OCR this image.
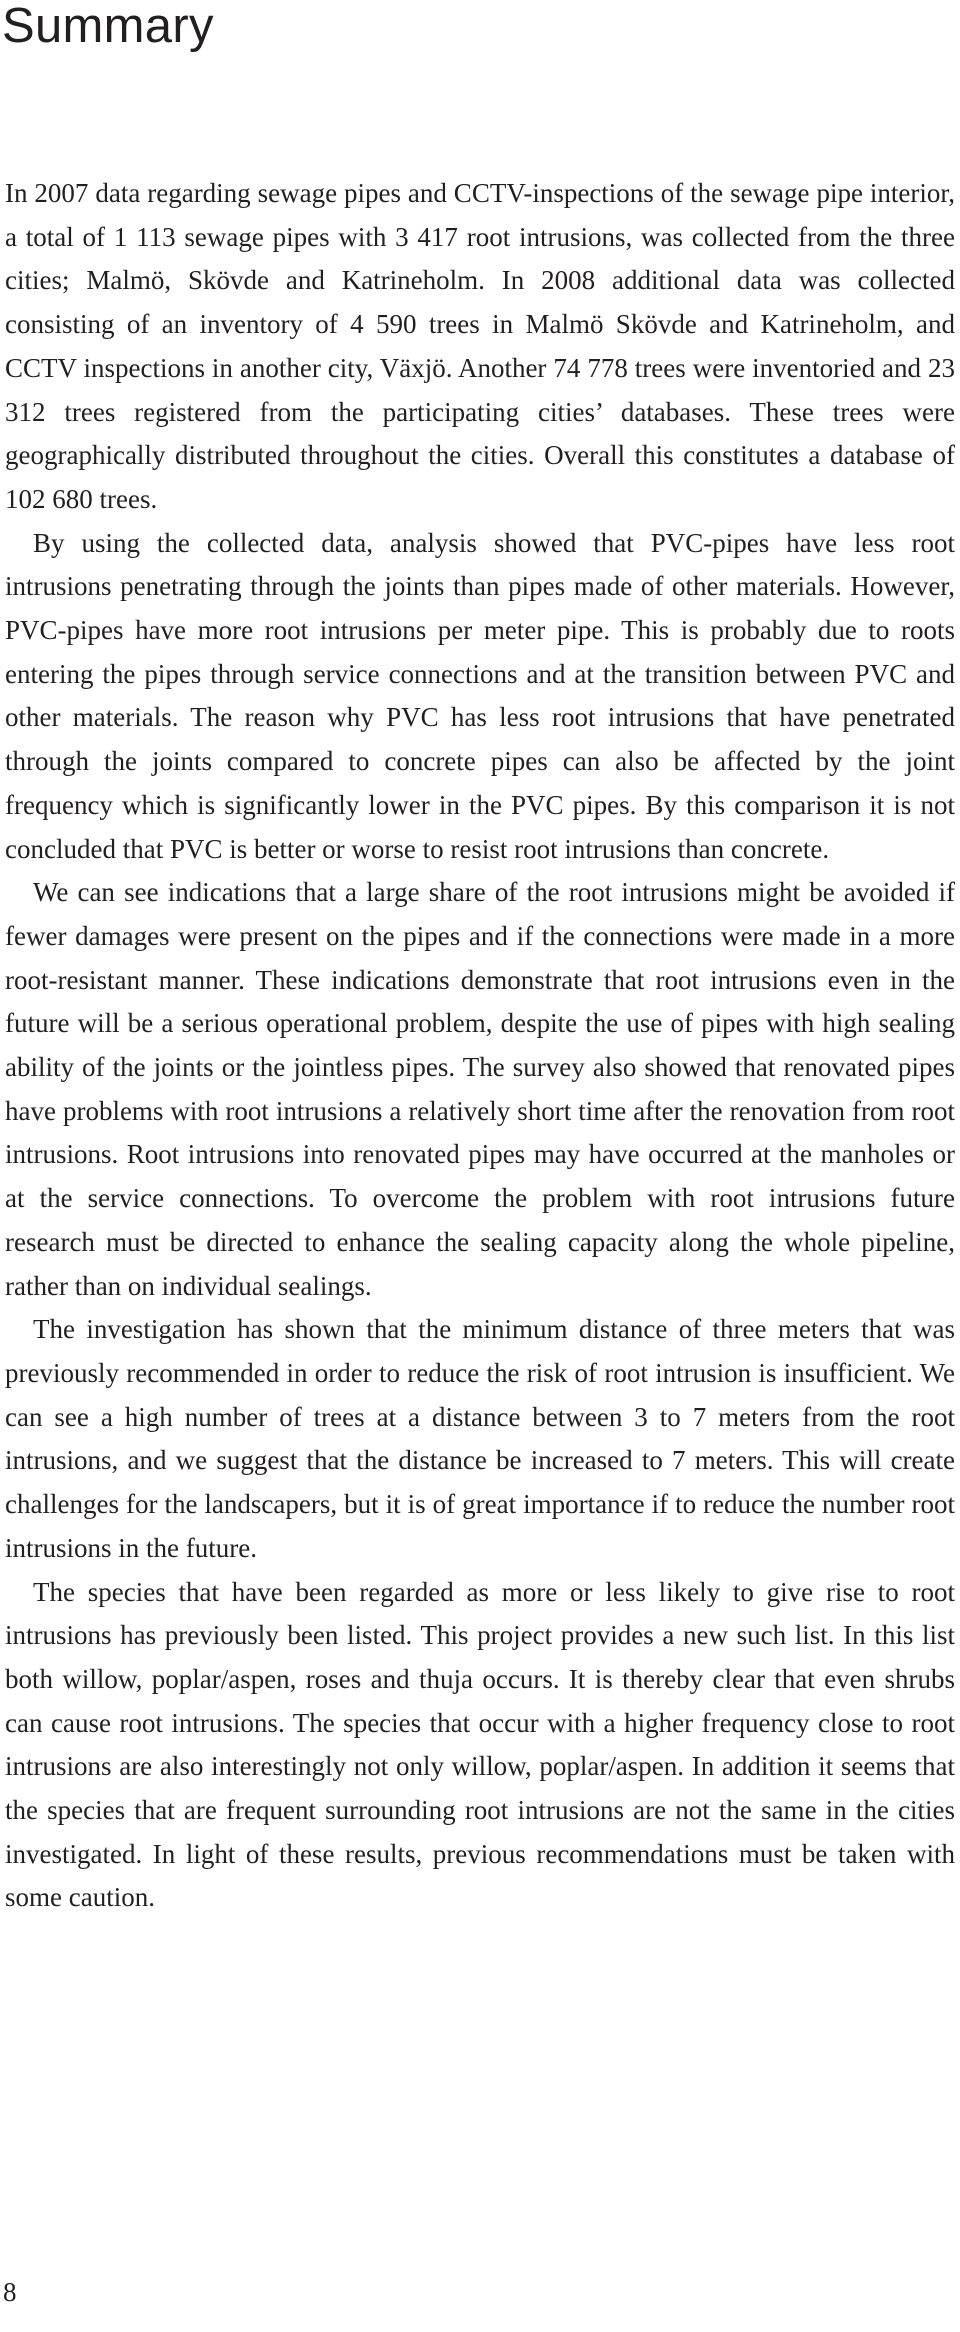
Summary

In 2007 data regarding sewage pipes and CCTV-inspections of the sewage pipe interior, a total of 1 113 sewage pipes with 3 417 root intrusions, was collected from the three cities; Malmö, Skövde and Katrineholm. In 2008 additional data was collected consisting of an inventory of 4 590 trees in Malmö Skövde and Katrineholm, and CCTV inspections in another city, Växjö. Another 74 778 trees were inventoried and 23 312 trees registered from the participating cities’ databases. These trees were geographically distributed throughout the cities. Overall this constitutes a database of 102 680 trees.

By using the collected data, analysis showed that PVC-pipes have less root intrusions penetrating through the joints than pipes made of other materials. However, PVC-pipes have more root intrusions per meter pipe. This is probably due to roots entering the pipes through service connections and at the transition between PVC and other materials. The reason why PVC has less root intrusions that have penetrated through the joints compared to concrete pipes can also be affected by the joint frequency which is significantly lower in the PVC pipes. By this comparison it is not concluded that PVC is better or worse to resist root intrusions than concrete.

We can see indications that a large share of the root intrusions might be avoided if fewer damages were present on the pipes and if the connections were made in a more root-resistant manner. These indications demonstrate that root intrusions even in the future will be a serious operational problem, despite the use of pipes with high sealing ability of the joints or the jointless pipes. The survey also showed that renovated pipes have problems with root intrusions a relatively short time after the renovation from root intrusions. Root intrusions into renovated pipes may have occurred at the manholes or at the service connections. To overcome the problem with root intrusions future research must be directed to enhance the sealing capacity along the whole pipeline, rather than on individual sealings.

The investigation has shown that the minimum distance of three meters that was previously recommended in order to reduce the risk of root intrusion is insufficient. We can see a high number of trees at a distance between 3 to 7 meters from the root intrusions, and we suggest that the distance be increased to 7 meters. This will create challenges for the landscapers, but it is of great importance if to reduce the number root intrusions in the future.

The species that have been regarded as more or less likely to give rise to root intrusions has previously been listed. This project provides a new such list. In this list both willow, poplar/aspen, roses and thuja occurs. It is thereby clear that even shrubs can cause root intrusions. The species that occur with a higher frequency close to root intrusions are also interestingly not only willow, poplar/aspen. In addition it seems that the species that are frequent surrounding root intrusions are not the same in the cities investigated. In light of these results, previous recommendations must be taken with some caution.

8
